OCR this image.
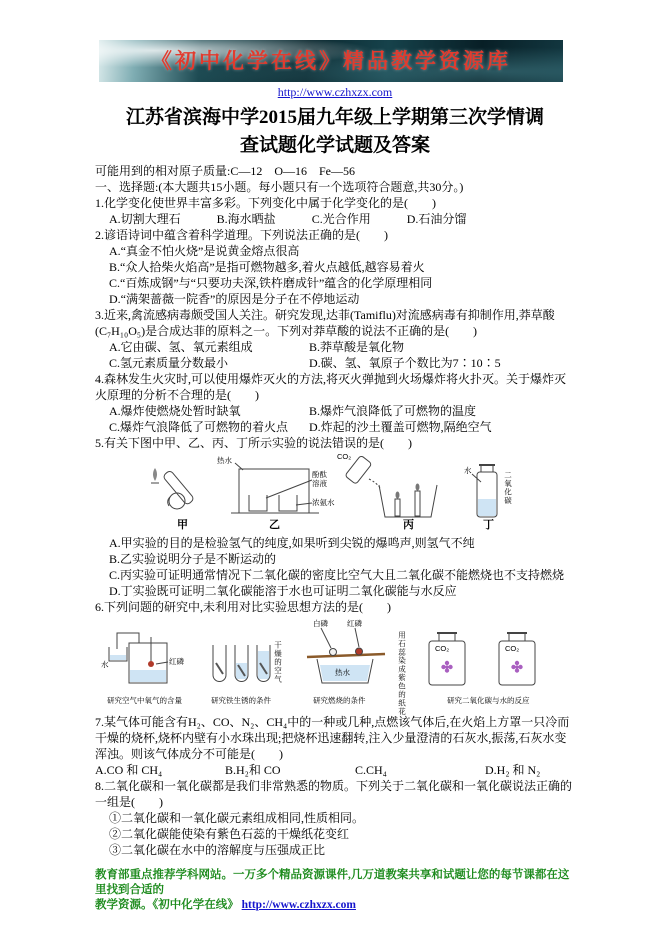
《初中化学在线》精品教学资源库
http://www.czhxzx.com
江苏省滨海中学2015届九年级上学期第三次学情调
查试题化学试题及答案

可能用到的相对原子质量:C—12　O—16　Fe—56

一、选择题:(本大题共15小题。每小题只有一个选项符合题意,共30分。)

1.化学变化使世界丰富多彩。下列变化中属于化学变化的是(　　)

A.切割大理石	B.海水晒盐	C.光合作用	D.石油分馏

2.谚语诗词中蕴含着科学道理。下列说法正确的是(　　)

A.“真金不怕火烧”是说黄金熔点很高

B.“众人拾柴火焰高”是指可燃物越多,着火点越低,越容易着火

C.“百炼成钢”与“只要功夫深,铁杵磨成针”蕴含的化学原理相同

D.“满架蔷薇一院香”的原因是分子在不停地运动

3.近来,禽流感病毒颇受国人关注。研究发现,达菲(Tamiflu)对流感病毒有抑制作用,莽草酸(C₇H₁₀O₅)是合成达菲的原料之一。下列对莽草酸的说法不正确的是(　　)

A.它由碳、氢、氧元素组成	B.莽草酸是氧化物
C.氢元素质量分数最小	D.碳、氢、氧原子个数比为7∶10∶5

4.森林发生火灾时,可以使用爆炸灭火的方法,将灭火弹抛到火场爆炸将火扑灭。关于爆炸灭火原理的分析不合理的是(　　)

A.爆炸使燃烧处暂时缺氧	B.爆炸气浪降低了可燃物的温度
C.爆炸气浪降低了可燃物的着火点	D.炸起的沙土覆盖可燃物,隔绝空气

5.有关下图中甲、乙、丙、丁所示实验的说法错误的是(　　)

热水
酚酞溶液
浓氨水
CO₂
水
二氧化碳
甲	乙	丙	丁

A.甲实验的目的是检验氢气的纯度,如果听到尖锐的爆鸣声,则氢气不纯

B.乙实验说明分子是不断运动的

C.丙实验可证明通常情况下二氧化碳的密度比空气大且二氧化碳不能燃烧也不支持燃烧

D.丁实验既可证明二氧化碳能溶于水也可证明二氧化碳能与水反应

6.下列问题的研究中,未利用对比实验思想方法的是(　　)

红磷
水	干燥的空气
白磷	红磷
热水	用石蕊染成紫色的纸花	CO₂	CO₂
研究空气中氧气的含量	研究铁生锈的条件	研究燃烧的条件	研究二氧化碳与水的反应

7.某气体可能含有H₂、CO、N₂、CH₄中的一种或几种,点燃该气体后,在火焰上方罩一只冷而干燥的烧杯,烧杯内壁有小水珠出现;把烧杯迅速翻转,注入少量澄清的石灰水,振荡,石灰水变浑浊。则该气体成分不可能是(　　)

A.CO 和 CH₄	B.H₂和 CO	C.CH₄	D.H₂ 和 N₂

8.二氧化碳和一氧化碳都是我们非常熟悉的物质。下列关于二氧化碳和一氧化碳说法正确的一组是(　　)

①二氧化碳和一氧化碳元素组成相同,性质相同。

②二氧化碳能使染有紫色石蕊的干燥纸花变红

③二氧化碳在水中的溶解度与压强成正比

教育部重点推荐学科网站。一万多个精品资源课件,几万道教案共享和试题让您的每节课都在这里找到合适的

教学资源。《初中化学在线》 http://www.czhxzx.com
